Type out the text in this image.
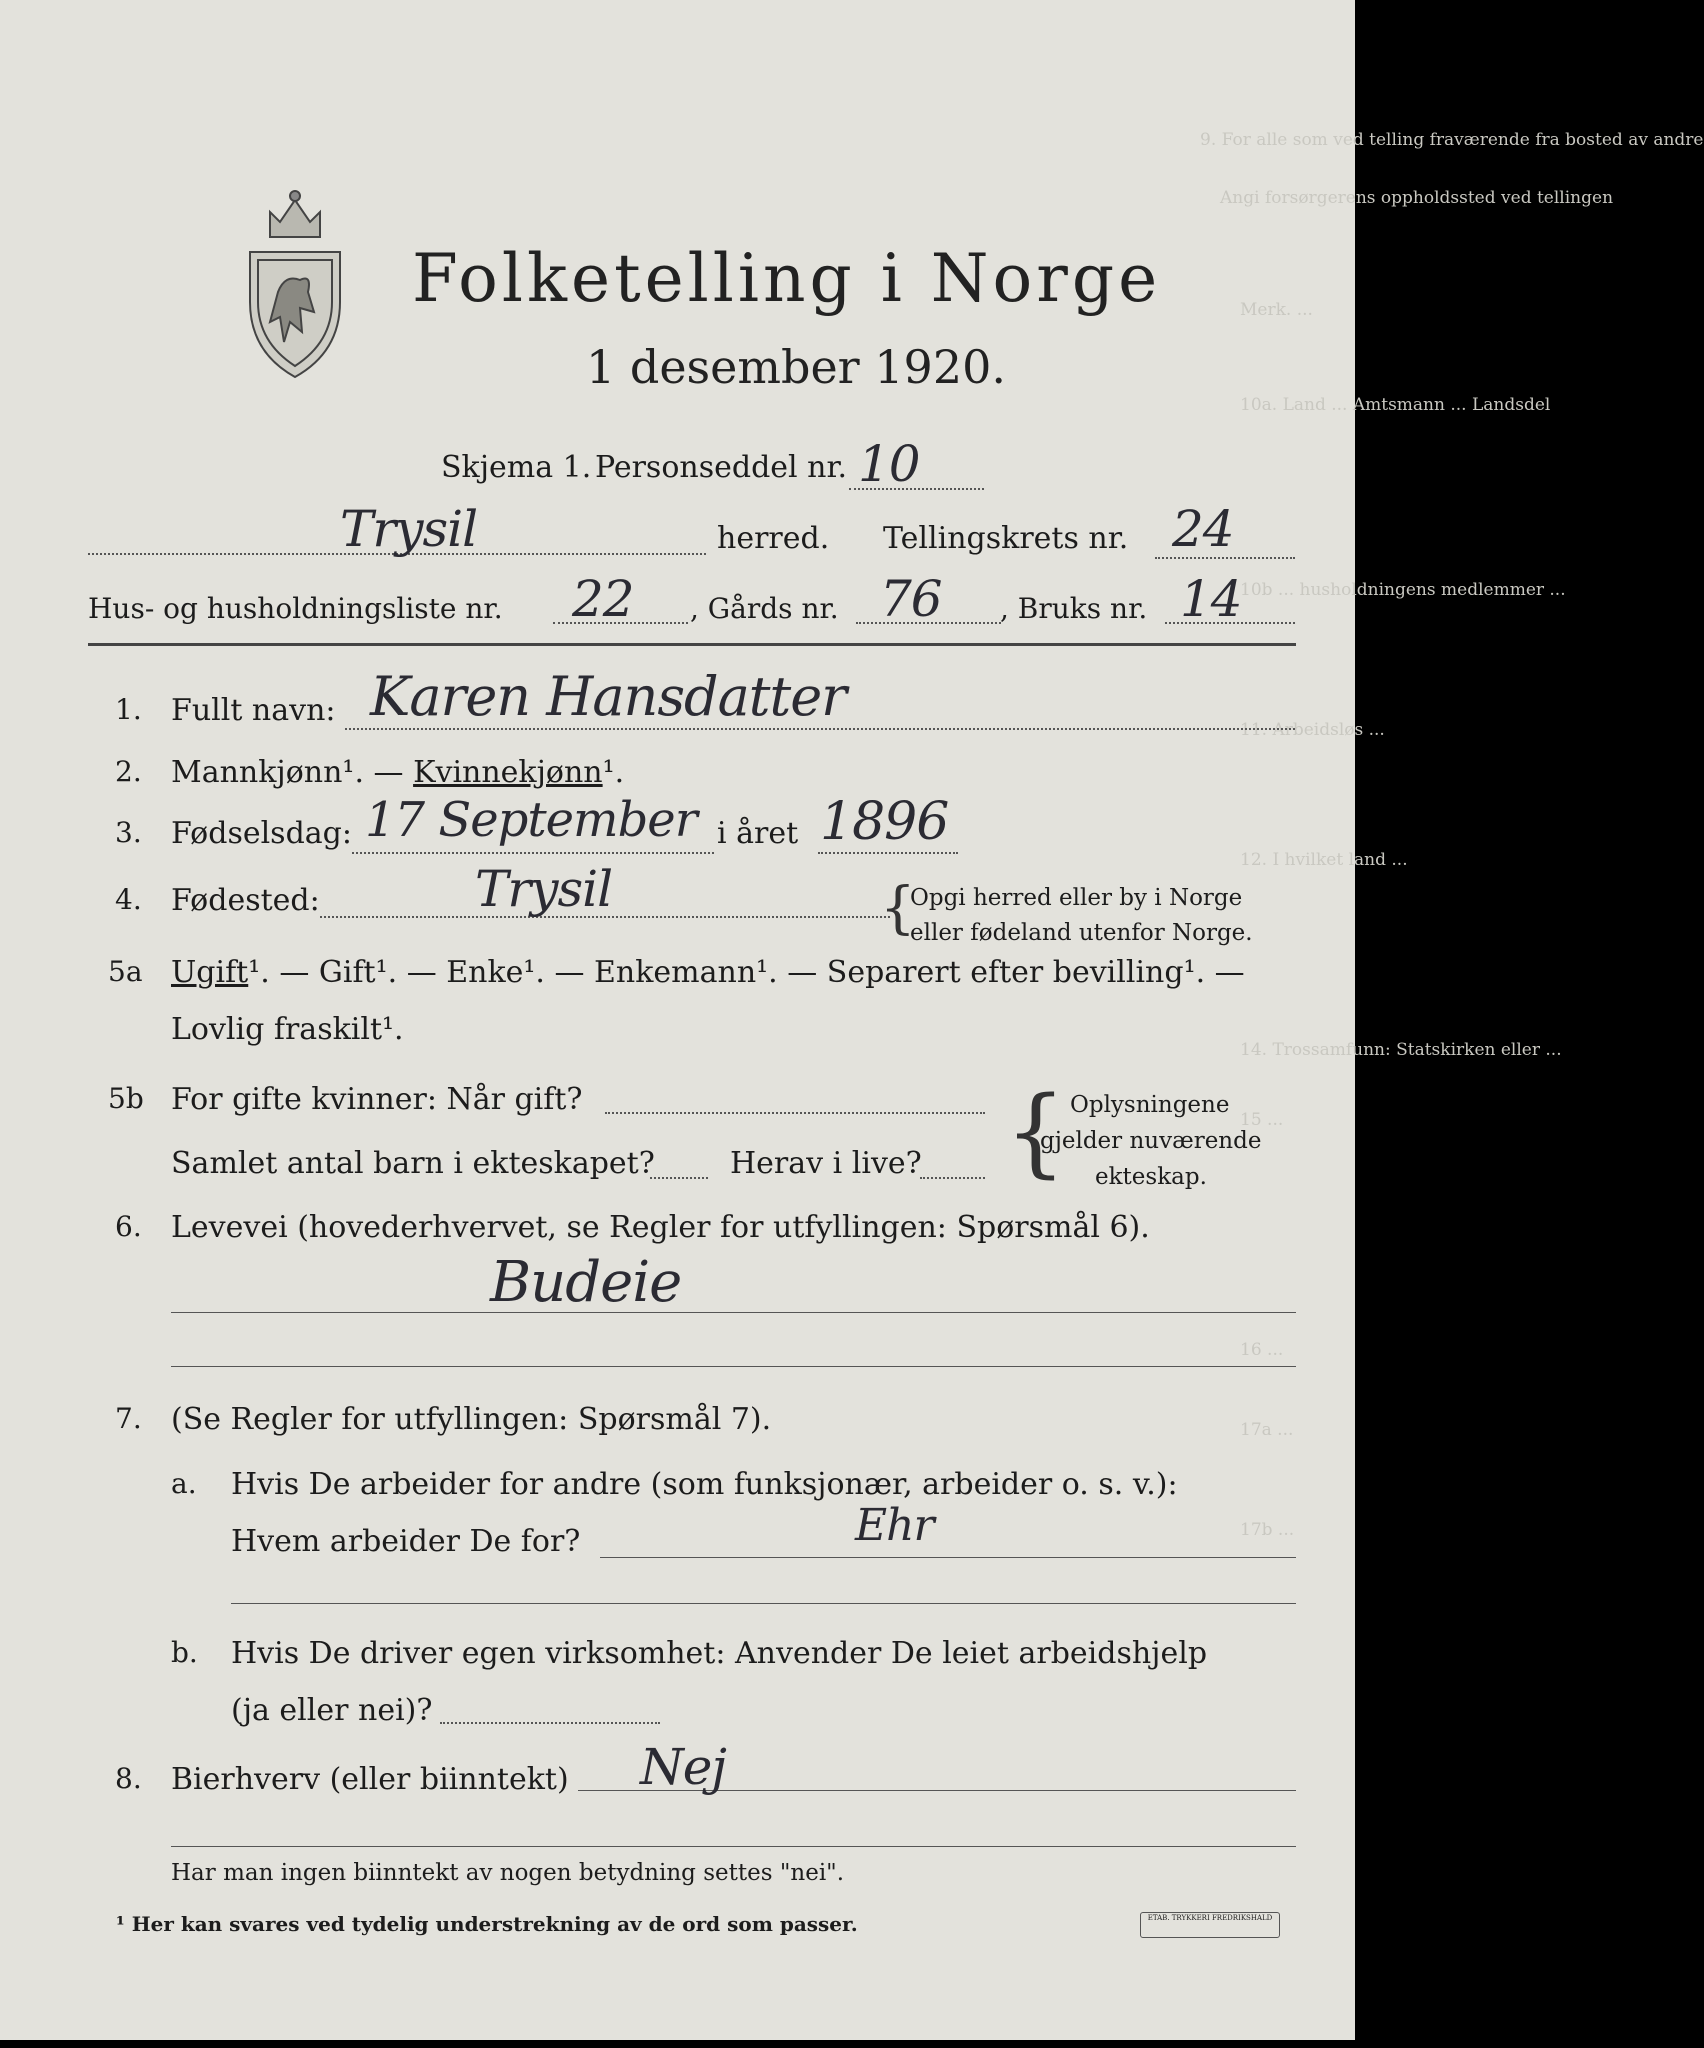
9. For alle som ved telling fraværende fra bosted av andre
Angi forsørgerens oppholdssted ved tellingen
Merk. ...
10a. Land ... Amtsmann ... Landsdel
10b ... husholdningens medlemmer ...
11. Arbeidsløs ...
12. I hvilket land ...
14. Trossamfunn: Statskirken eller ...
15 ...
16 ...
17a ...
17b ...
Folketelling i Norge
1 desember 1920.
Skjema 1. Personseddel nr. 10
Trysil	herred. Tellingskrets nr. 24
Hus- og husholdningsliste nr. 22 , Gårds nr. 76 , Bruks nr. 14
1. Fullt navn: Karen Hansdatter
2. Mannkjønn¹. — Kvinnekjønn¹.
3. Fødselsdag: 17 September i året 1896
4. Fødested:	Trysil	{
Opgi herred eller by i Norge
eller fødeland utenfor Norge.
5a Ugift¹. — Gift¹. — Enke¹. — Enkemann¹. — Separert efter bevilling¹. —
Lovlig fraskilt¹.
5b For gifte kvinner: Når gift?
Samlet antal barn i ekteskapet?	Herav i live? { Oplysningene
gjelder nuværende
ekteskap.
6. Levevei (hovederhvervet, se Regler for utfyllingen: Spørsmål 6).
Budeie
7. (Se Regler for utfyllingen: Spørsmål 7).
a. Hvis De arbeider for andre (som funksjonær, arbeider o. s. v.):
Hvem arbeider De for?	Ehr
b. Hvis De driver egen virksomhet: Anvender De leiet arbeidshjelp
(ja eller nei)?
8. Bierhverv (eller biinntekt) Nej
Har man ingen biinntekt av nogen betydning settes "nei".
¹ Her kan svares ved tydelig understrekning av de ord som passer.	ETAB. TRYKKERI FREDRIKSHALD
